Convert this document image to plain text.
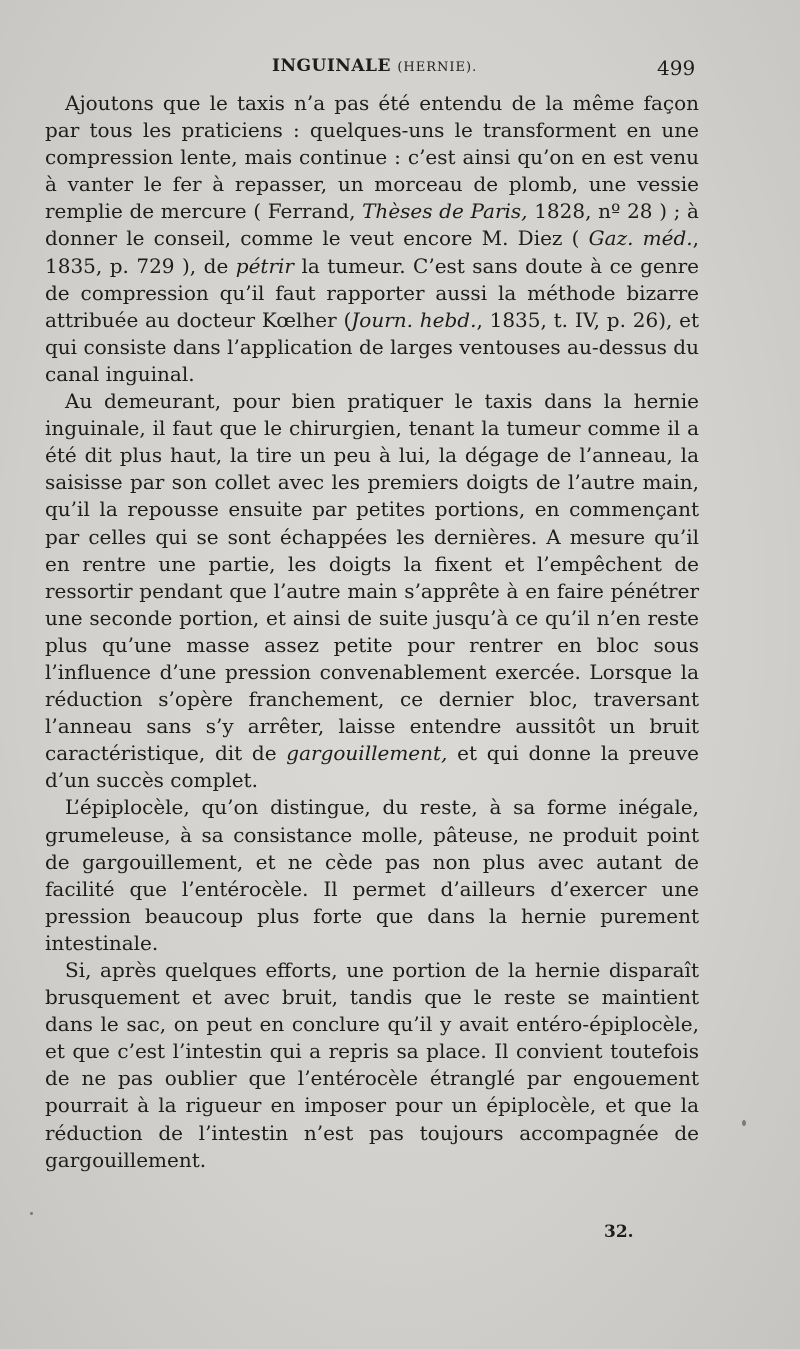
INGUINALE (HERNIE).	499

Ajoutons que le taxis n’a pas été entendu de la même façon par tous les praticiens : quelques-uns le transforment en une compression lente, mais continue : c’est ainsi qu’on en est venu à vanter le fer à repasser, un morceau de plomb, une vessie remplie de mercure ( Ferrand, Thèses de Paris, 1828, nº 28 ) ; à donner le conseil, comme le veut encore M. Diez ( Gaz. méd., 1835, p. 729 ), de pétrir la tumeur. C’est sans doute à ce genre de compression qu’il faut rapporter aussi la méthode bizarre attribuée au docteur Kœlher (Journ. hebd., 1835, t. IV, p. 26), et qui consiste dans l’application de larges ventouses au-dessus du canal inguinal.

Au demeurant, pour bien pratiquer le taxis dans la hernie inguinale, il faut que le chirurgien, tenant la tumeur comme il a été dit plus haut, la tire un peu à lui, la dégage de l’anneau, la saisisse par son collet avec les premiers doigts de l’autre main, qu’il la repousse ensuite par petites portions, en commençant par celles qui se sont échappées les dernières. A mesure qu’il en rentre une partie, les doigts la fixent et l’empêchent de ressortir pendant que l’autre main s’apprête à en faire pénétrer une seconde portion, et ainsi de suite jusqu’à ce qu’il n’en reste plus qu’une masse assez petite pour rentrer en bloc sous l’influence d’une pression convenablement exercée. Lorsque la réduction s’opère franchement, ce dernier bloc, traversant l’anneau sans s’y arrêter, laisse entendre aussitôt un bruit caractéristique, dit de gargouillement, et qui donne la preuve d’un succès complet.

L’épiplocèle, qu’on distingue, du reste, à sa forme inégale, grumeleuse, à sa consistance molle, pâteuse, ne produit point de gargouillement, et ne cède pas non plus avec autant de facilité que l’entérocèle. Il permet d’ailleurs d’exercer une pression beaucoup plus forte que dans la hernie purement intestinale.

Si, après quelques efforts, une portion de la hernie disparaît brusquement et avec bruit, tandis que le reste se maintient dans le sac, on peut en conclure qu’il y avait entéro-épiplocèle, et que c’est l’intestin qui a repris sa place. Il convient toutefois de ne pas oublier que l’entérocèle étranglé par engouement pourrait à la rigueur en imposer pour un épiplocèle, et que la réduction de l’intestin n’est pas toujours accompagnée de gargouillement.

32.
